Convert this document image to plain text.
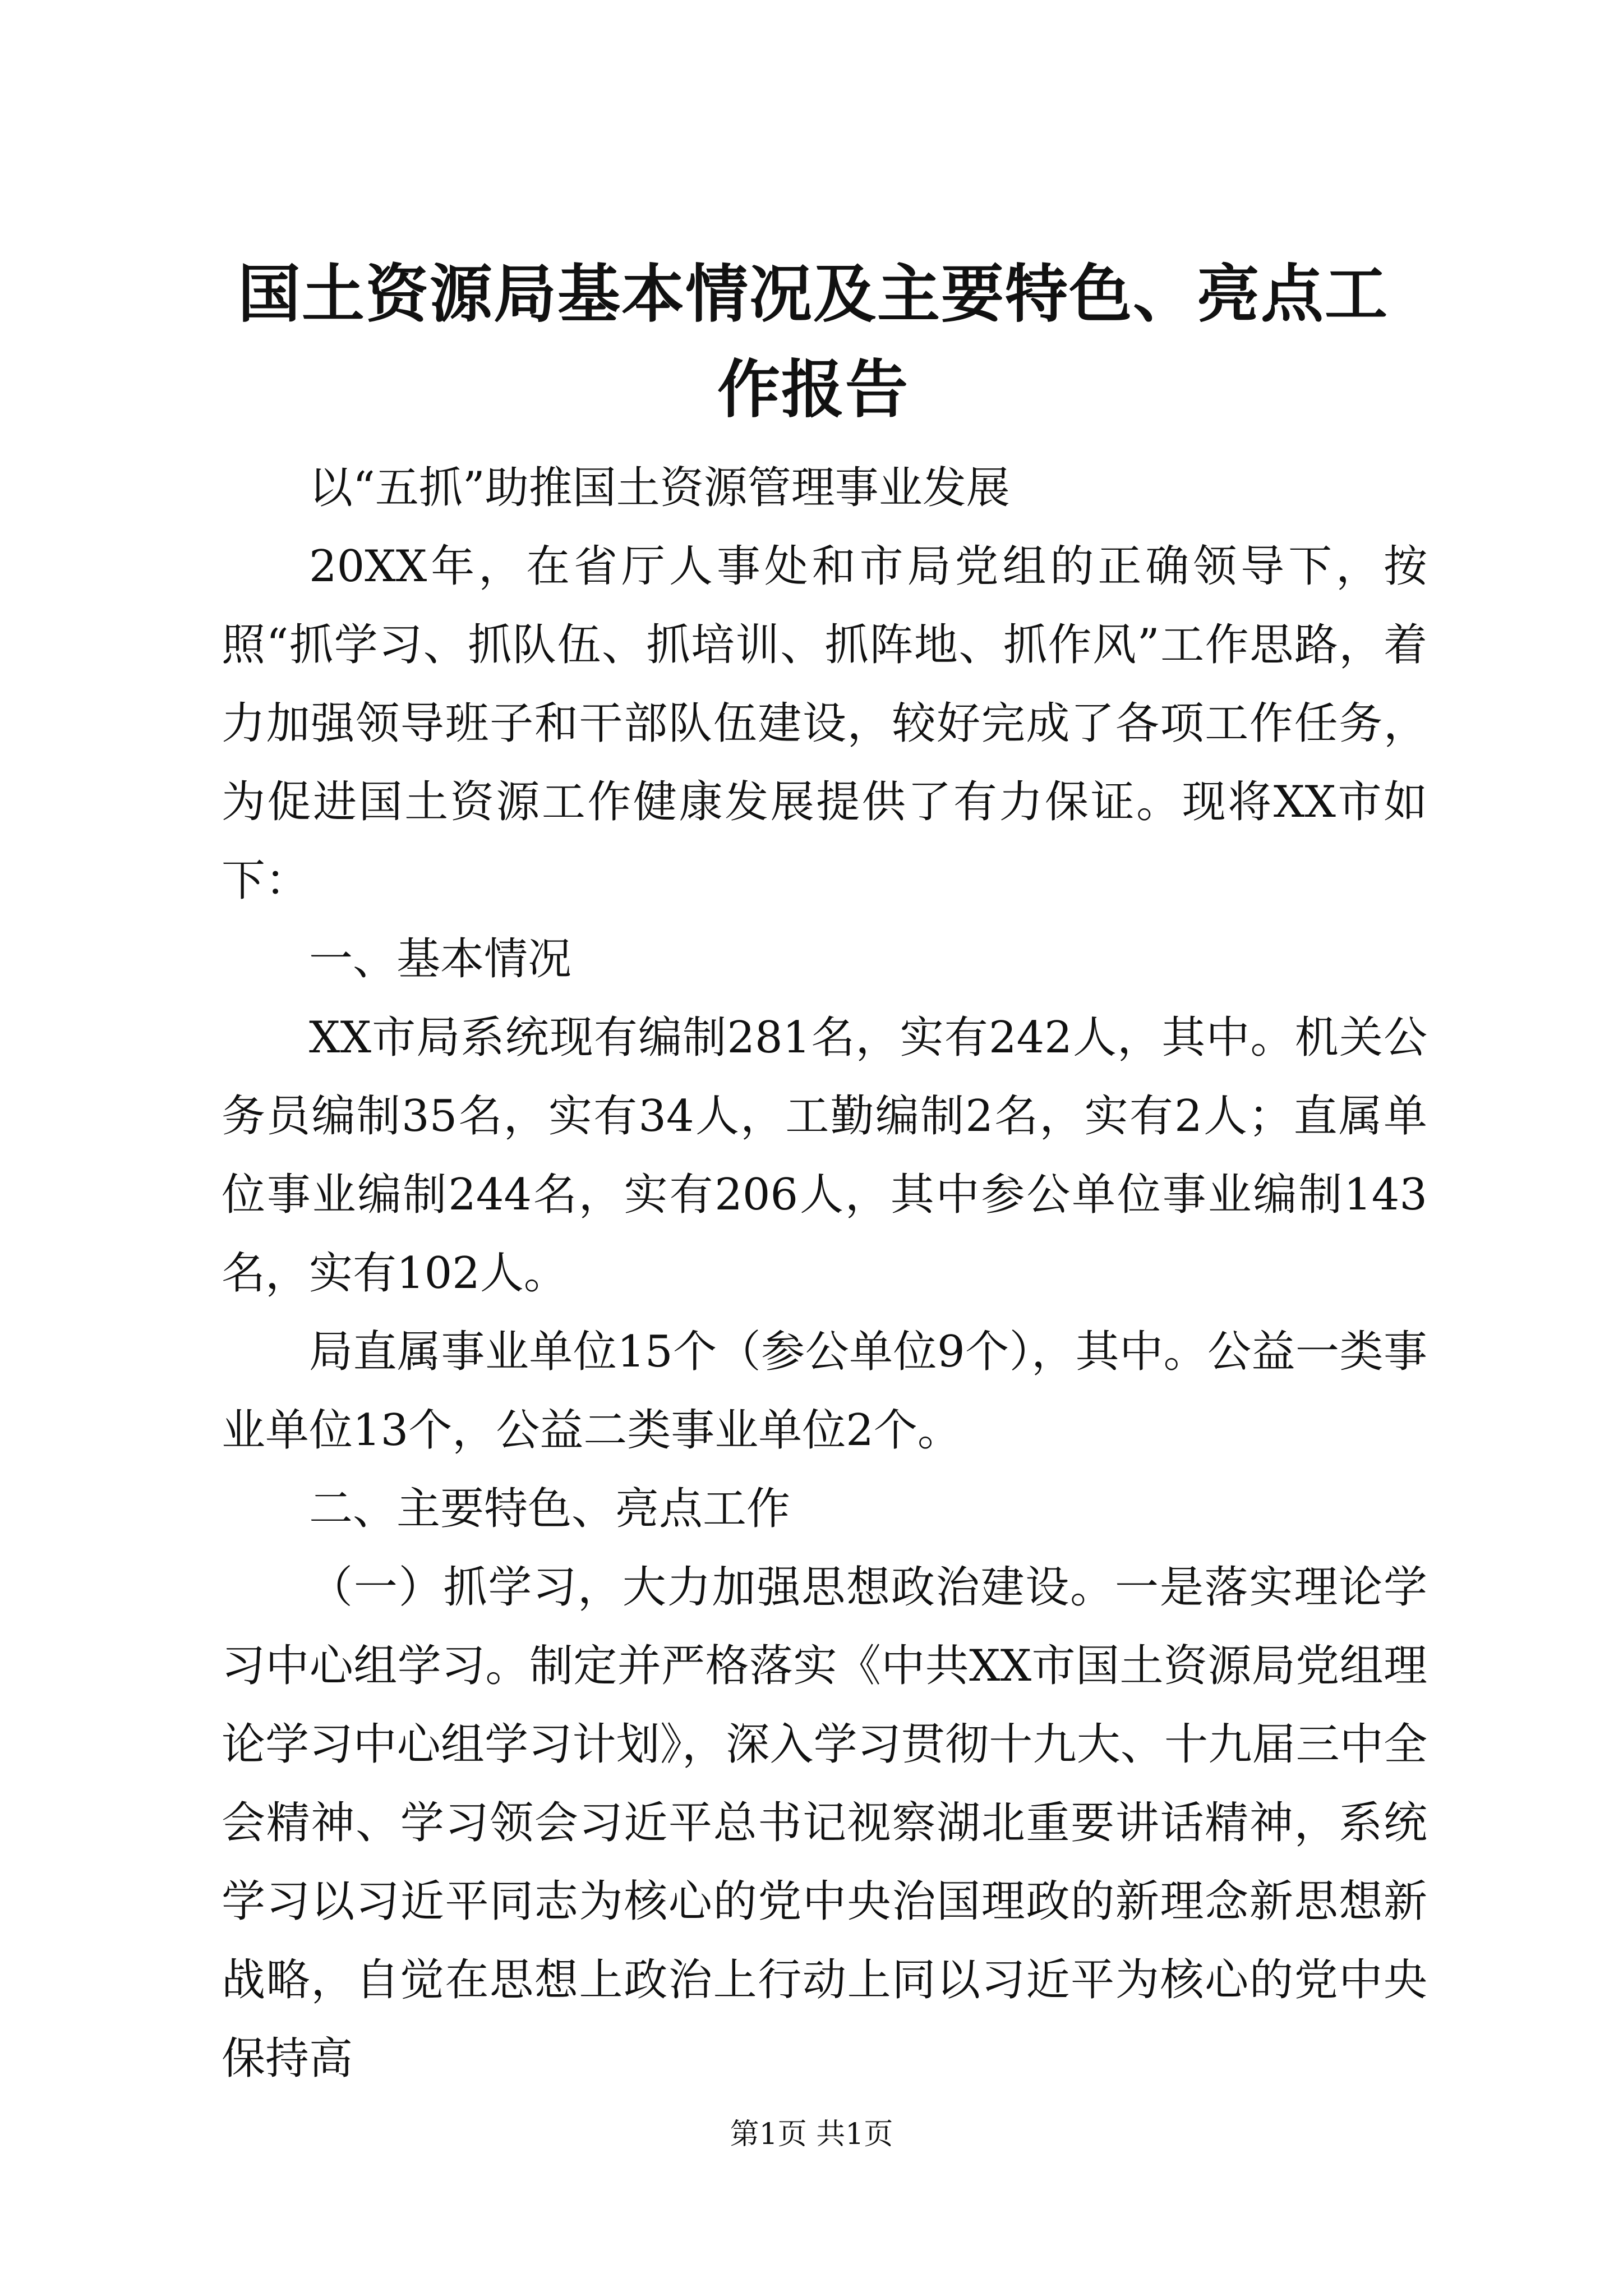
国土资源局基本情况及主要特色、亮点工作报告

以“五抓”助推国土资源管理事业发展

20XX年，在省厅人事处和市局党组的正确领导下，按照“抓学习、抓队伍、抓培训、抓阵地、抓作风”工作思路，着力加强领导班子和干部队伍建设，较好完成了各项工作任务，为促进国土资源工作健康发展提供了有力保证。现将XX市如下：

一、基本情况

XX市局系统现有编制281名，实有242人，其中。机关公务员编制35名，实有34人，工勤编制2名，实有2人；直属单位事业编制244名，实有206人，其中参公单位事业编制143名，实有102人。

局直属事业单位15个（参公单位9个），其中。公益一类事业单位13个，公益二类事业单位2个。

二、主要特色、亮点工作

（一）抓学习，大力加强思想政治建设。一是落实理论学习中心组学习。制定并严格落实《中共XX市国土资源局党组理论学习中心组学习计划》，深入学习贯彻十九大、十九届三中全会精神、学习领会习近平总书记视察湖北重要讲话精神，系统学习以习近平同志为核心的党中央治国理政的新理念新思想新战略，自觉在思想上政治上行动上同以习近平为核心的党中央保持高

第1页 共1页
